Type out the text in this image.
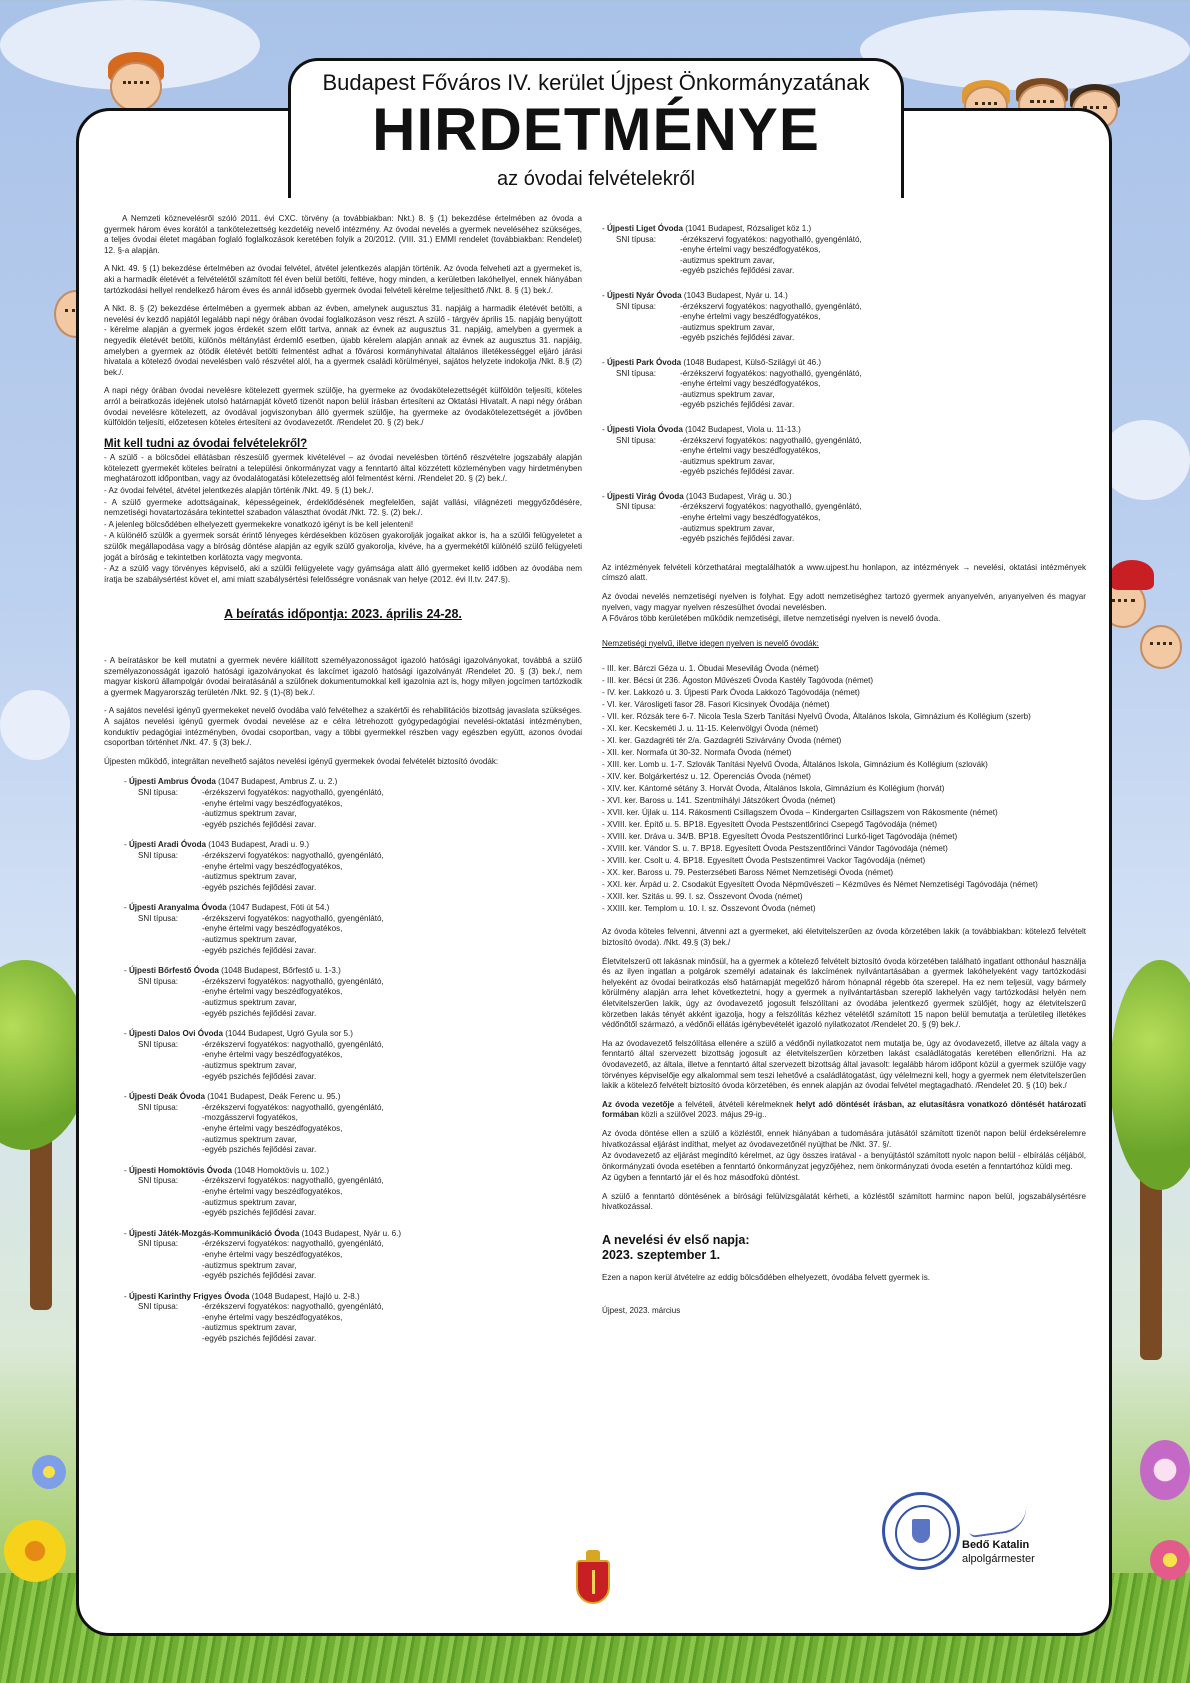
Budapest Főváros IV. kerület Újpest Önkormányzatának
HIRDETMÉNYE
az óvodai felvételekről

A Nemzeti köznevelésről szóló 2011. évi CXC. törvény (a továbbiakban: Nkt.) 8. § (1) bekezdése értelmében az óvoda a gyermek három éves korától a tankötelezettség kezdetéig nevelő intézmény. Az óvodai nevelés a gyermek neveléséhez szükséges, a teljes óvodai életet magában foglaló foglalkozások keretében folyik a 20/2012. (VIII. 31.) EMMI rendelet (továbbiakban: Rendelet) 12. §-a alapján.

A Nkt. 49. § (1) bekezdése értelmében az óvodai felvétel, átvétel jelentkezés alapján történik. Az óvoda felveheti azt a gyermeket is, aki a harmadik életévét a felvételétől számított fél éven belül betölti, feltéve, hogy minden, a kerületben lakóhellyel, ennek hiányában tartózkodási hellyel rendelkező három éves és annál idősebb gyermek óvodai felvételi kérelme teljesíthető /Nkt. 8. § (1) bek./.

A Nkt. 8. § (2) bekezdése értelmében a gyermek abban az évben, amelynek augusztus 31. napjáig a harmadik életévét betölti, a nevelési év kezdő napjától legalább napi négy órában óvodai foglalkozáson vesz részt. A szülő - tárgyév április 15. napjáig benyújtott - kérelme alapján a gyermek jogos érdekét szem előtt tartva, annak az évnek az augusztus 31. napjáig, amelyben a gyermek a negyedik életévét betölti, különös méltánylást érdemlő esetben, újabb kérelem alapján annak az évnek az augusztus 31. napjáig, amelyben a gyermek az ötödik életévét betölti felmentést adhat a fővárosi kormányhivatal általános illetékességgel eljáró járási hivatala a kötelező óvodai nevelésben való részvétel alól, ha a gyermek családi körülményei, sajátos helyzete indokolja /Nkt. 8.§ (2) bek./.

A napi négy órában óvodai nevelésre kötelezett gyermek szülője, ha gyermeke az óvodakötelezettségét külföldön teljesíti, köteles arról a beiratkozás idejének utolsó határnapját követő tizenöt napon belül írásban értesíteni az Oktatási Hivatalt. A napi négy órában óvodai nevelésre kötelezett, az óvodával jogviszonyban álló gyermek szülője, ha gyermeke az óvodakötelezettségét a jövőben külföldön teljesíti, előzetesen köteles értesíteni az óvodavezetőt. /Rendelet 20. § (2) bek./

Mit kell tudni az óvodai felvételekről?

- A szülő - a bölcsődei ellátásban részesülő gyermek kivételével – az óvodai nevelésben történő részvételre jogszabály alapján kötelezett gyermekét köteles beíratni a települési önkormányzat vagy a fenntartó által közzétett közleményben vagy hirdetményben meghatározott időpontban, vagy az óvodalátogatási kötelezettség alól felmentést kérni. /Rendelet 20. § (2) bek./.

- Az óvodai felvétel, átvétel jelentkezés alapján történik /Nkt. 49. § (1) bek./.

- A szülő gyermeke adottságainak, képességeinek, érdeklődésének megfelelően, saját vallási, világnézeti meggyőződésére, nemzetiségi hovatartozására tekintettel szabadon választhat óvodát /Nkt. 72. §. (2) bek./.

- A jelenleg bölcsődében elhelyezett gyermekekre vonatkozó igényt is be kell jelenteni!

- A különélő szülők a gyermek sorsát érintő lényeges kérdésekben közösen gyakorolják jogaikat akkor is, ha a szülői felügyeletet a szülők megállapodása vagy a bíróság döntése alapján az egyik szülő gyakorolja, kivéve, ha a gyermekétől különélő szülő felügyeleti jogát a bíróság e tekintetben korlátozta vagy megvonta.

- Az a szülő vagy törvényes képviselő, aki a szülői felügyelete vagy gyámsága alatt álló gyermeket kellő időben az óvodába nem íratja be szabálysértést követ el, ami miatt szabálysértési felelősségre vonásnak van helye (2012. évi II.tv. 247.§).

A beíratás időpontja: 2023. április 24-28.

- A beíratáskor be kell mutatni a gyermek nevére kiállított személyazonosságot igazoló hatósági igazolványokat, továbbá a szülő személyazonosságát igazoló hatósági igazolványokat és lakcímet igazoló hatósági igazolványát /Rendelet 20. § (3) bek./, nem magyar kiskorú állampolgár óvodai beiratásánál a szülőnek dokumentumokkal kell igazolnia azt is, hogy milyen jogcímen tartózkodik a gyermek Magyarország területén /Nkt. 92. § (1)-(8) bek./.

- A sajátos nevelési igényű gyermekeket nevelő óvodába való felvételhez a szakértői és rehabilitációs bizottság javaslata szükséges. A sajátos nevelési igényű gyermek óvodai nevelése az e célra létrehozott gyógypedagógiai nevelési-oktatási intézményben, konduktív pedagógiai intézményben, óvodai csoportban, vagy a többi gyermekkel részben vagy egészben együtt, azonos óvodai csoportban történhet /Nkt. 47. § (3) bek./.

Újpesten működő, integráltan nevelhető sajátos nevelési igényű gyermekek óvodai felvételét biztosító óvodák:

- Újpesti Ambrus Óvoda (1047 Budapest, Ambrus Z. u. 2.)
SNI típusa:	-érzékszervi fogyatékos: nagyothalló, gyengénlátó,
-enyhe értelmi vagy beszédfogyatékos,
-autizmus spektrum zavar,
-egyéb pszichés fejlődési zavar.
- Újpesti Aradi Óvoda (1043 Budapest, Aradi u. 9.)
SNI típusa:	-érzékszervi fogyatékos: nagyothalló, gyengénlátó,
-enyhe értelmi vagy beszédfogyatékos,
-autizmus spektrum zavar,
-egyéb pszichés fejlődési zavar.
- Újpesti Aranyalma Óvoda (1047 Budapest, Fóti út 54.)
SNI típusa:	-érzékszervi fogyatékos: nagyothalló, gyengénlátó,
-enyhe értelmi vagy beszédfogyatékos,
-autizmus spektrum zavar,
-egyéb pszichés fejlődési zavar.
- Újpesti Bőrfestő Óvoda (1048 Budapest, Bőrfestő u. 1-3.)
SNI típusa:	-érzékszervi fogyatékos: nagyothalló, gyengénlátó,
-enyhe értelmi vagy beszédfogyatékos,
-autizmus spektrum zavar,
-egyéb pszichés fejlődési zavar.
- Újpesti Dalos Ovi Óvoda (1044 Budapest, Ugró Gyula sor 5.)
SNI típusa:	-érzékszervi fogyatékos: nagyothalló, gyengénlátó,
-enyhe értelmi vagy beszédfogyatékos,
-autizmus spektrum zavar,
-egyéb pszichés fejlődési zavar.
- Újpesti Deák Óvoda (1041 Budapest, Deák Ferenc u. 95.)
SNI típusa:	-érzékszervi fogyatékos: nagyothalló, gyengénlátó,
-mozgásszervi fogyatékos,
-enyhe értelmi vagy beszédfogyatékos,
-autizmus spektrum zavar,
-egyéb pszichés fejlődési zavar.
- Újpesti Homoktövis Óvoda (1048 Homoktövis u. 102.)
SNI típusa:	-érzékszervi fogyatékos: nagyothalló, gyengénlátó,
-enyhe értelmi vagy beszédfogyatékos,
-autizmus spektrum zavar,
-egyéb pszichés fejlődési zavar.
- Újpesti Játék-Mozgás-Kommunikáció Óvoda (1043 Budapest, Nyár u. 6.)
SNI típusa:	-érzékszervi fogyatékos: nagyothalló, gyengénlátó,
-enyhe értelmi vagy beszédfogyatékos,
-autizmus spektrum zavar,
-egyéb pszichés fejlődési zavar.
- Újpesti Karinthy Frigyes Óvoda (1048 Budapest, Hajló u. 2-8.)
SNI típusa:	-érzékszervi fogyatékos: nagyothalló, gyengénlátó,
-enyhe értelmi vagy beszédfogyatékos,
-autizmus spektrum zavar,
-egyéb pszichés fejlődési zavar.
- Újpesti Liget Óvoda (1041 Budapest, Rózsaliget köz 1.)
SNI típusa:	-érzékszervi fogyatékos: nagyothalló, gyengénlátó,
-enyhe értelmi vagy beszédfogyatékos,
-autizmus spektrum zavar,
-egyéb pszichés fejlődési zavar.
- Újpesti Nyár Óvoda (1043 Budapest, Nyár u. 14.)
SNI típusa:	-érzékszervi fogyatékos: nagyothalló, gyengénlátó,
-enyhe értelmi vagy beszédfogyatékos,
-autizmus spektrum zavar,
-egyéb pszichés fejlődési zavar.
- Újpesti Park Óvoda (1048 Budapest, Külső-Szilágyi út 46.)
SNI típusa:	-érzékszervi fogyatékos: nagyothalló, gyengénlátó,
-enyhe értelmi vagy beszédfogyatékos,
-autizmus spektrum zavar,
-egyéb pszichés fejlődési zavar.
- Újpesti Viola Óvoda (1042 Budapest, Viola u. 11-13.)
SNI típusa:	-érzékszervi fogyatékos: nagyothalló, gyengénlátó,
-enyhe értelmi vagy beszédfogyatékos,
-autizmus spektrum zavar,
-egyéb pszichés fejlődési zavar.
- Újpesti Virág Óvoda (1043 Budapest, Virág u. 30.)
SNI típusa:	-érzékszervi fogyatékos: nagyothalló, gyengénlátó,
-enyhe értelmi vagy beszédfogyatékos,
-autizmus spektrum zavar,
-egyéb pszichés fejlődési zavar.

Az intézmények felvételi körzethatárai megtalálhatók a www.ujpest.hu honlapon, az intézmények → nevelési, oktatási intézmények címszó alatt.

Az óvodai nevelés nemzetiségi nyelven is folyhat. Egy adott nemzetiséghez tartozó gyermek anyanyelvén, anyanyelven és magyar nyelven, vagy magyar nyelven részesülhet óvodai nevelésben.

A Főváros több kerületében működik nemzetiségi, illetve nemzetiségi nyelven is nevelő óvoda.

Nemzetiségi nyelvű, illetve idegen nyelven is nevelő óvodák:

- III. ker. Bárczi Géza u. 1. Óbudai Mesevilág Óvoda (német)
- III. ker. Bécsi út 236. Ágoston Művészeti Óvoda Kastély Tagóvoda (német)
- IV. ker. Lakkozó u. 3. Újpesti Park Óvoda Lakkozó Tagóvodája (német)
- VI. ker. Városligeti fasor 28. Fasori Kicsinyek Óvodája (német)
- VII. ker. Rózsák tere 6-7. Nicola Tesla Szerb Tanítási Nyelvű Óvoda, Általános Iskola, Gimnázium és Kollégium (szerb)
- XI. ker. Kecskeméti J. u. 11-15. Kelenvölgyi Óvoda (német)
- XI. ker. Gazdagréti tér 2/a. Gazdagréti Szivárvány Óvoda (német)
- XII. ker. Normafa út 30-32. Normafa Óvoda (német)
- XIII. ker. Lomb u. 1-7. Szlovák Tanítási Nyelvű Óvoda, Általános Iskola, Gimnázium és Kollégium (szlovák)
- XIV. ker. Bolgárkertész u. 12. Öperenciás Óvoda (német)
- XIV. ker. Kántorné sétány 3. Horvát Óvoda, Általános Iskola, Gimnázium és Kollégium (horvát)
- XVI. ker. Baross u. 141. Szentmihályi Játszókert Óvoda (német)
- XVII. ker. Újlak u. 114. Rákosmenti Csillagszem Óvoda – Kindergarten Csillagszem von Rákosmente (német)
- XVIII. ker. Építő u. 5. BP18. Egyesített Óvoda Pestszentlőrinci Csepegő Tagóvodája (német)
- XVIII. ker. Dráva u. 34/B. BP18. Egyesített Óvoda Pestszentlőrinci Lurkó-liget Tagóvodája (német)
- XVIII. ker. Vándor S. u. 7. BP18. Egyesített Óvoda Pestszentlőrinci Vándor Tagóvodája (német)
- XVIII. ker. Csolt u. 4. BP18. Egyesített Óvoda Pestszentimrei Vackor Tagóvodája (német)
- XX. ker. Baross u. 79. Pesterzsébeti Baross Német Nemzetiségi Óvoda (német)
- XXI. ker. Árpád u. 2. Csodakút Egyesített Óvoda Népművészeti – Kézműves és Német Nemzetiségi Tagóvodája (német)
- XXII. ker. Szitás u. 99. I. sz. Összevont Óvoda (német)
- XXIII. ker. Templom u. 10. I. sz. Összevont Óvoda (német)

Az óvoda köteles felvenni, átvenni azt a gyermeket, aki életvitelszerűen az óvoda körzetében lakik (a továbbiakban: kötelező felvételt biztosító óvoda). /Nkt. 49.§ (3) bek./

Életvitelszerű ott lakásnak minősül, ha a gyermek a kötelező felvételt biztosító óvoda körzetében található ingatlant otthonául használja és az ilyen ingatlan a polgárok személyi adatainak és lakcímének nyilvántartásában a gyermek lakóhelyeként vagy tartózkodási helyeként az óvodai beiratkozás első határnapját megelőző három hónapnál régebb óta szerepel. Ha ez nem teljesül, vagy bármely körülmény alapján arra lehet következtetni, hogy a gyermek a nyilvántartásban szereplő lakhelyén vagy tartózkodási helyén nem életvitelszerűen lakik, úgy az óvodavezető jogosult felszólítani az óvodába jelentkező gyermek szülőjét, hogy az életvitelszerű körzetben lakás tényét akként igazolja, hogy a felszólítás kézhez vételétől számított 15 napon belül bemutatja a területileg illetékes védőnőtől származó, a védőnői ellátás igénybevételét igazoló nyilatkozatot /Rendelet 20. § (9) bek./.

Ha az óvodavezető felszólítása ellenére a szülő a védőnői nyilatkozatot nem mutatja be, úgy az óvodavezető, illetve az általa vagy a fenntartó által szervezett bizottság jogosult az életvitelszerűen körzetben lakást családlátogatás keretében ellenőrizni. Ha az óvodavezető, az általa, illetve a fenntartó által szervezett bizottság által javasolt: legalább három időpont közül a gyermek szülője vagy törvényes képviselője egy alkalommal sem teszi lehetővé a családlátogatást, úgy vélelmezni kell, hogy a gyermek nem életvitelszerűen lakik a kötelező felvételt biztosító óvoda körzetében, és ennek alapján az óvodai felvétel megtagadható. /Rendelet 20. § (10) bek./

Az óvoda vezetője a felvételi, átvételi kérelmeknek helyt adó döntését írásban, az elutasításra vonatkozó döntését határozati formában közli a szülővel 2023. május 29-ig..

Az óvoda döntése ellen a szülő a közléstől, ennek hiányában a tudomására jutásától számított tizenöt napon belül érdeksérelemre hivatkozással eljárást indíthat, melyet az óvodavezetőnél nyújthat be /Nkt. 37. §/.

Az óvodavezető az eljárást megindító kérelmet, az ügy összes iratával - a benyújtástól számított nyolc napon belül - elbírálás céljából, önkormányzati óvoda esetében a fenntartó önkormányzat jegyzőjéhez, nem önkormányzati óvoda esetén a fenntartóhoz küldi meg.

Az ügyben a fenntartó jár el és hoz másodfokú döntést.

A szülő a fenntartó döntésének a bírósági felülvizsgálatát kérheti, a közléstől számított harminc napon belül, jogszabálysértésre hivatkozással.

A nevelési év első napja:
2023. szeptember 1.

Ezen a napon kerül átvételre az eddig bölcsődében elhelyezett, óvodába felvett gyermek is.

Újpest, 2023. március

Bedő Katalin
alpolgármester
